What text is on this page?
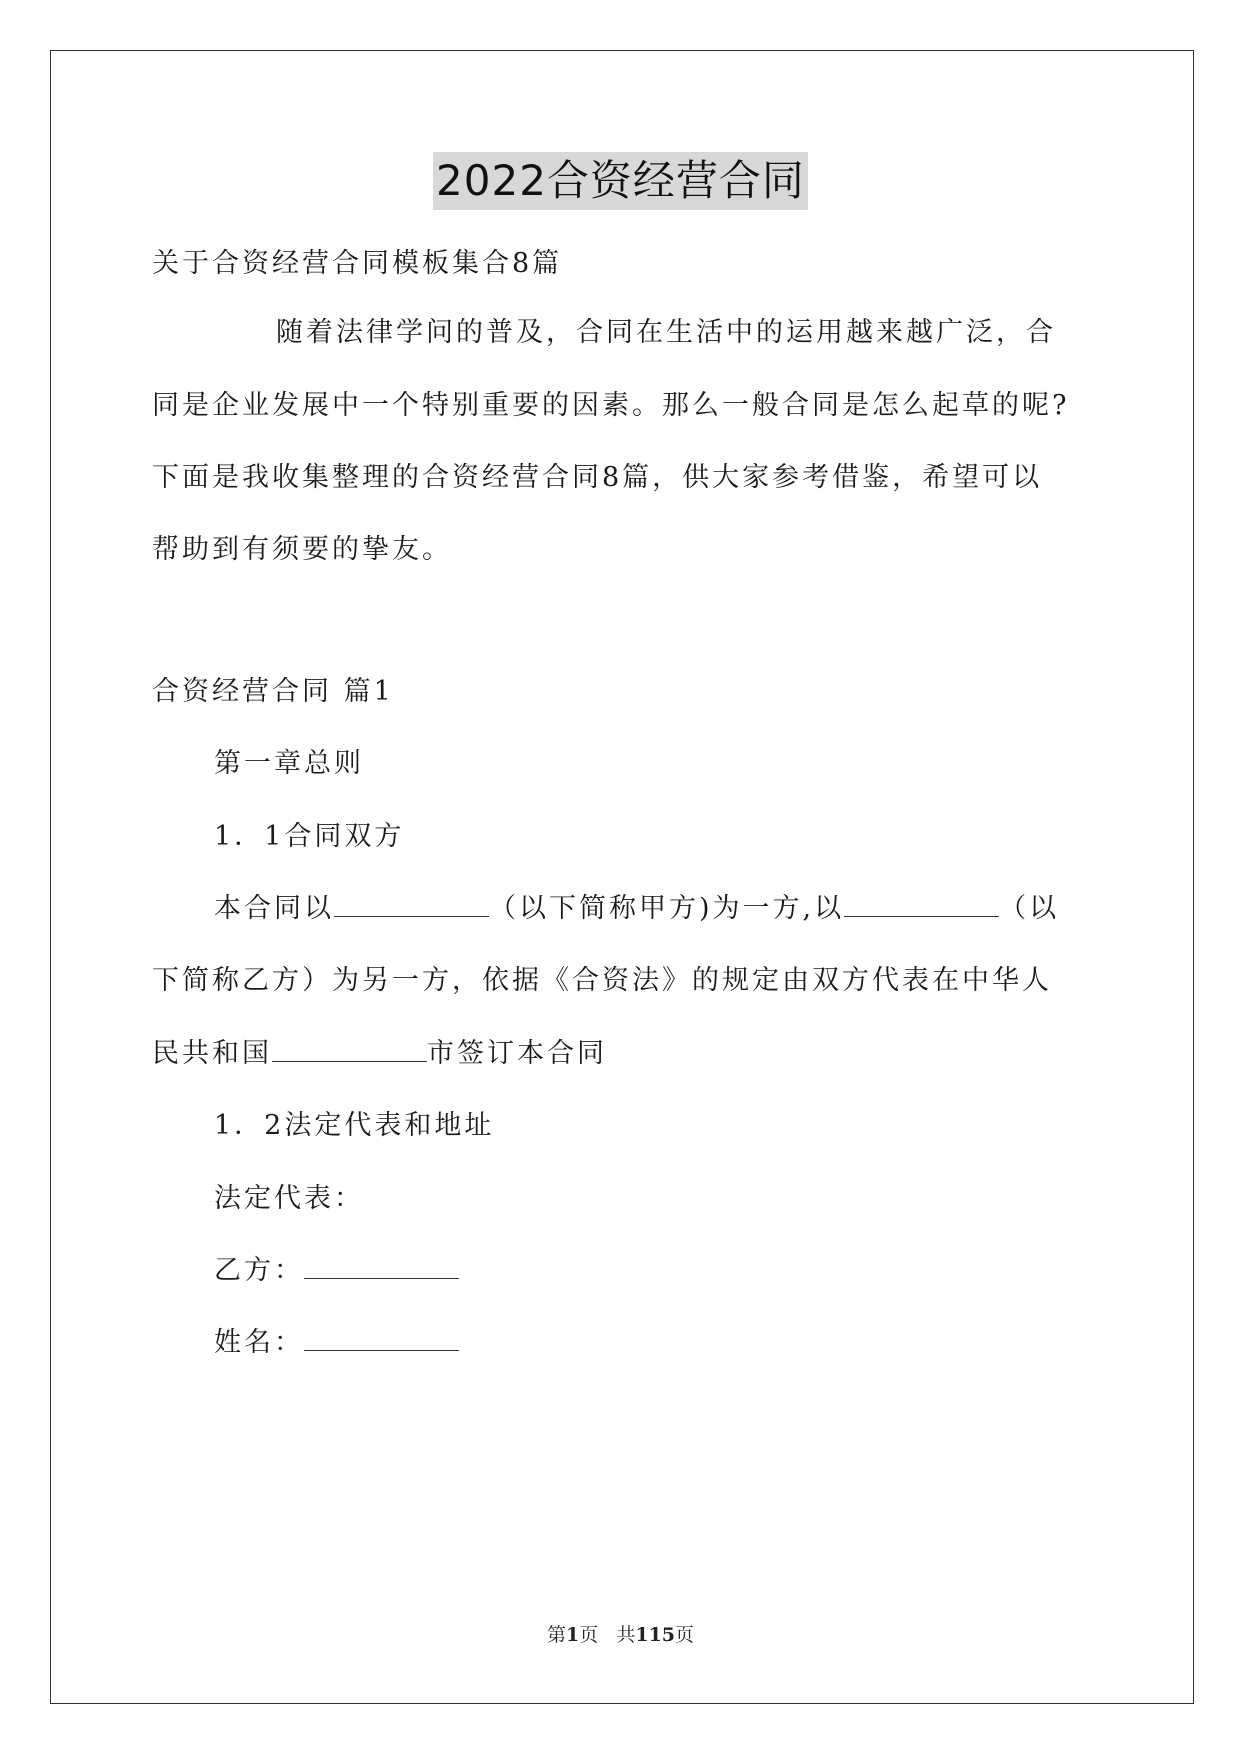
2022合资经营合同
关于合资经营合同模板集合8篇
随着法律学问的普及，合同在生活中的运用越来越广泛，合
同是企业发展中一个特别重要的因素。那么一般合同是怎么起草的呢?
下面是我收集整理的合资经营合同8篇，供大家参考借鉴，希望可以
帮助到有须要的挚友。
合资经营合同 篇1
第一章总则
1．1合同双方
本合同以	（以下简称甲方)为一方,以	（以
下简称乙方）为另一方，依据《合资法》的规定由双方代表在中华人
民共和国	市签订本合同
1．2法定代表和地址
法定代表：
乙方：
姓名：
第1页 共115页
